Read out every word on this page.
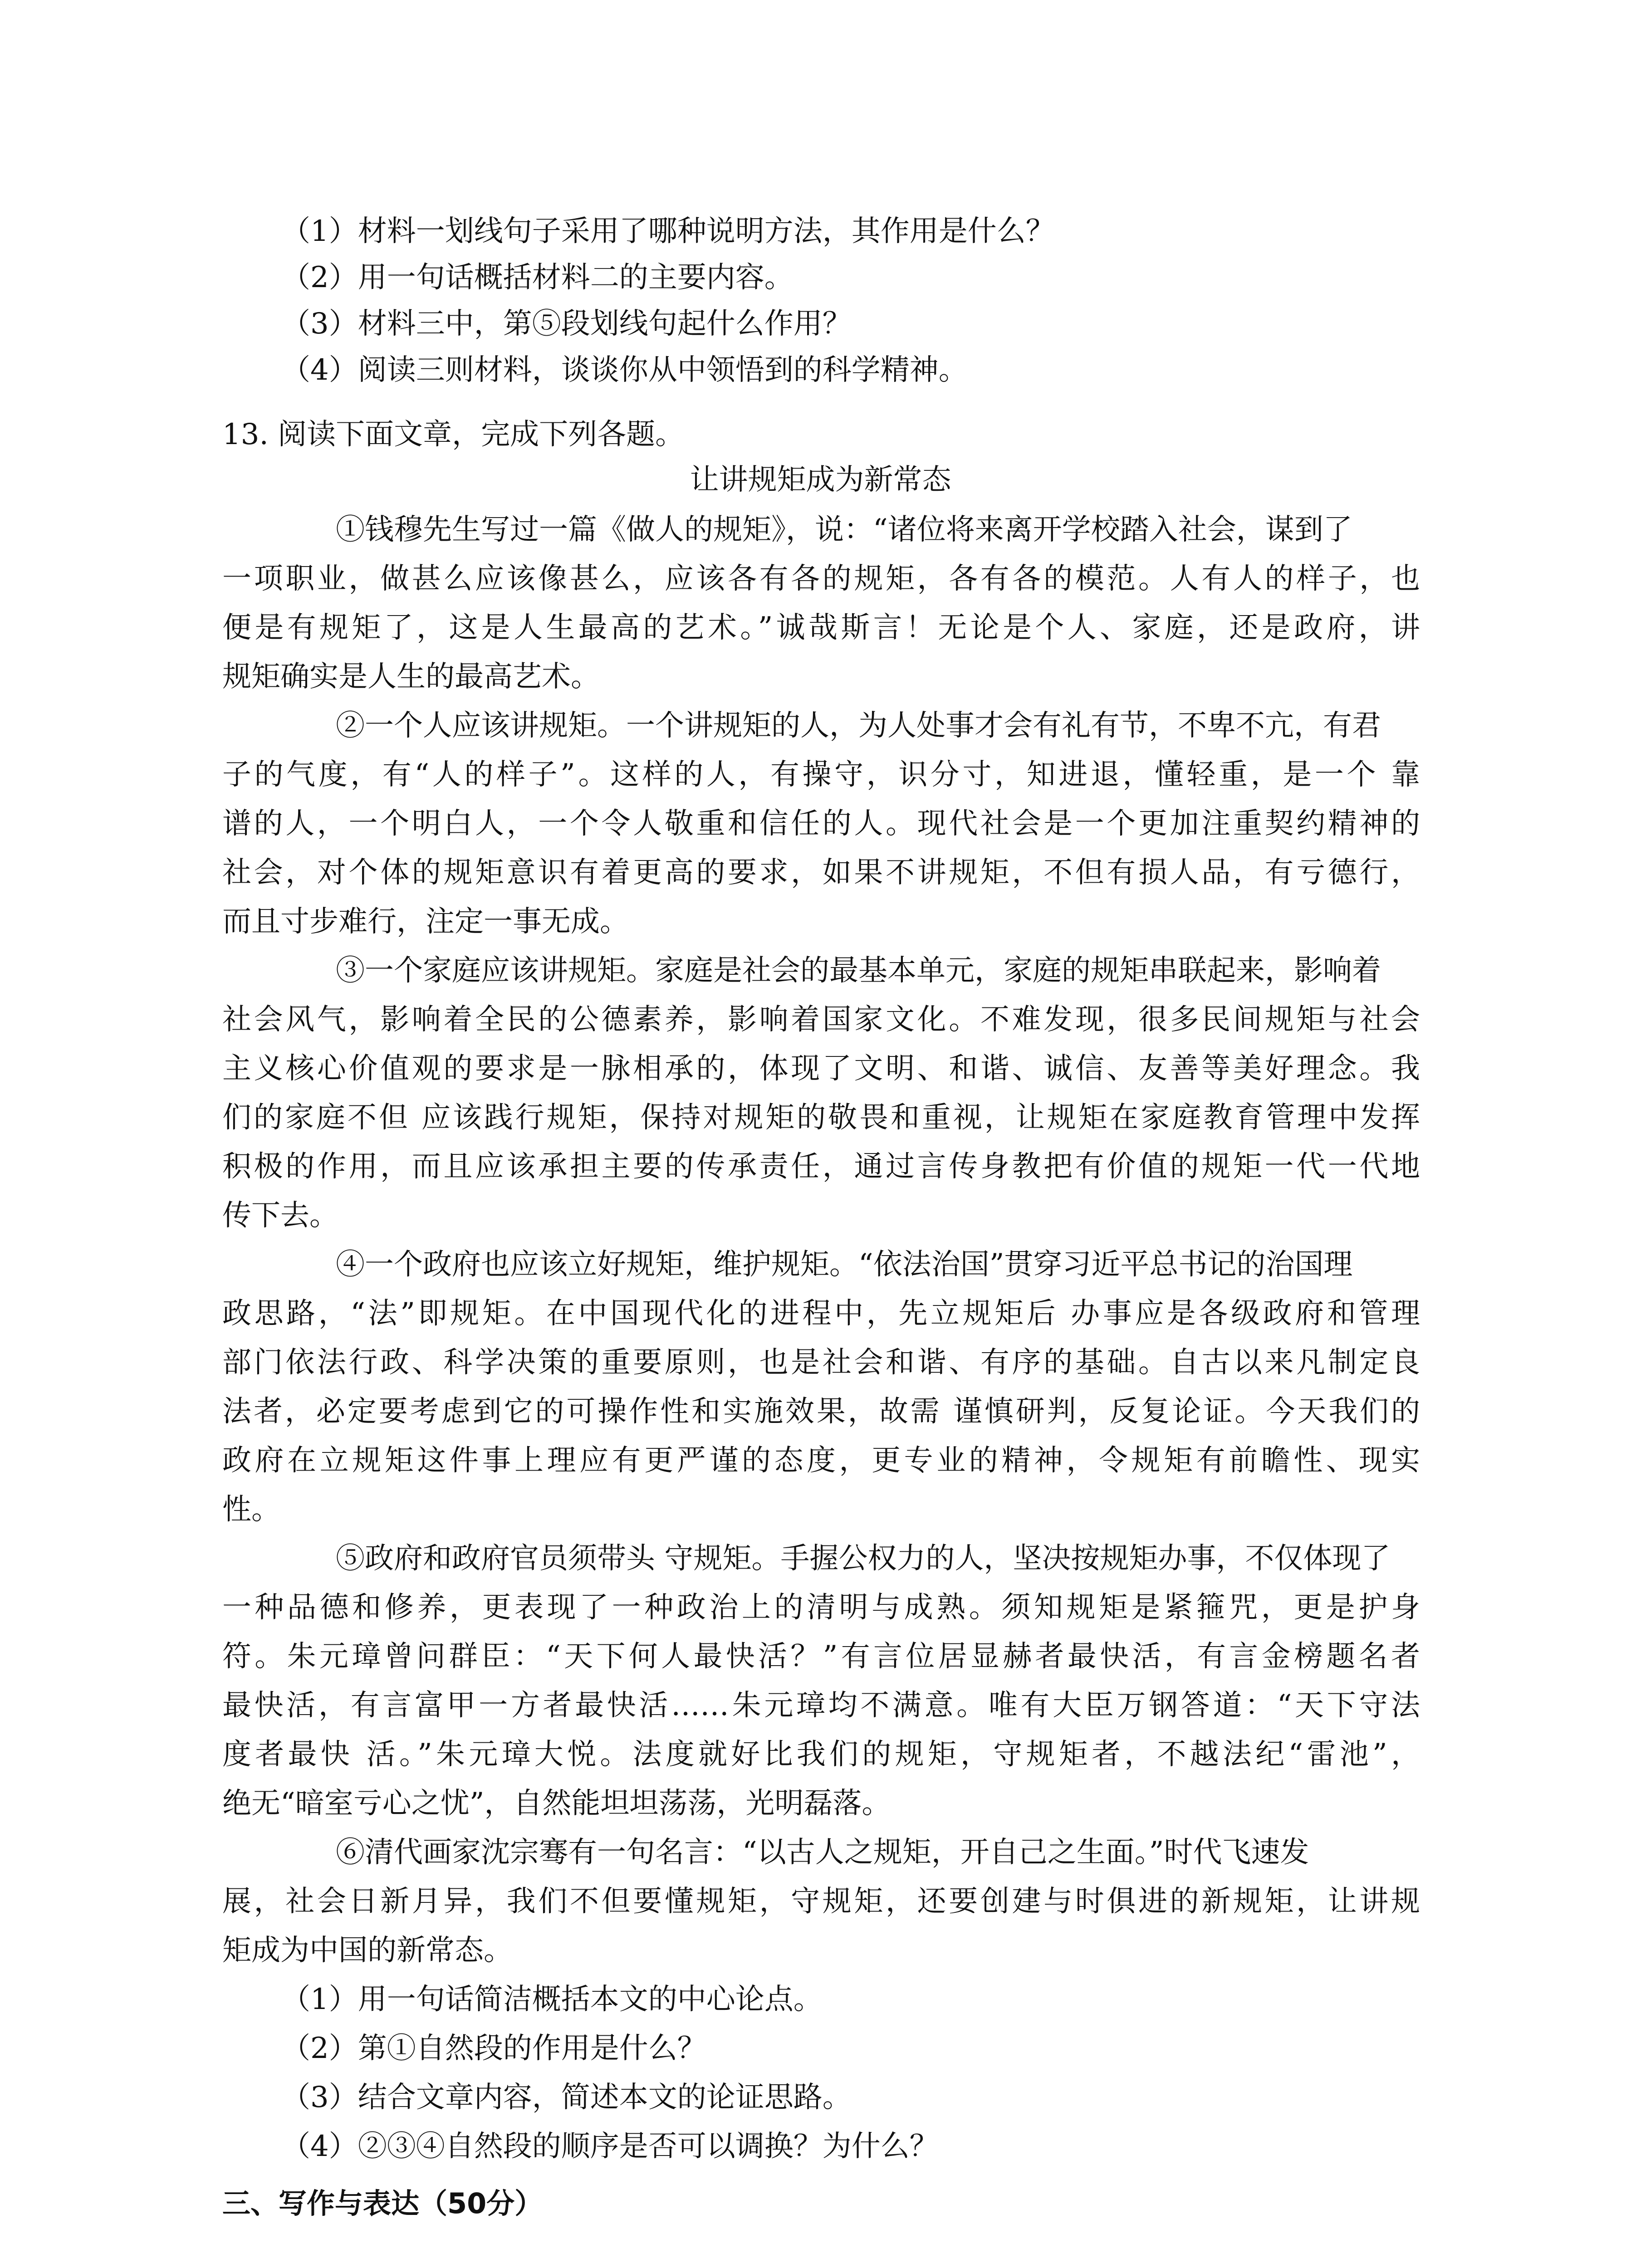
（1）材料一划线句子采用了哪种说明方法，其作用是什么？
（2）用一句话概括材料二的主要内容。
（3）材料三中，第⑤段划线句起什么作用？
（4）阅读三则材料，谈谈你从中领悟到的科学精神。
13. 阅读下面文章，完成下列各题。
让讲规矩成为新常态
①钱穆先生写过一篇《做人的规矩》，说：“诸位将来离开学校踏入社会，谋到了
一项职业，做甚么应该像甚么，应该各有各的规矩，各有各的模范。人有人的样子，也
便是有规矩了，这是人生最高的艺术。”诚哉斯言！无论是个人、家庭，还是政府，讲
规矩确实是人生的最高艺术。
②一个人应该讲规矩。一个讲规矩的人，为人处事才会有礼有节，不卑不亢，有君
子的气度，有“人的样子”。这样的人，有操守，识分寸，知进退，懂轻重，是一个 靠
谱的人，一个明白人，一个令人敬重和信任的人。现代社会是一个更加注重契约精神的
社会，对个体的规矩意识有着更高的要求，如果不讲规矩，不但有损人品，有亏德行，
而且寸步难行，注定一事无成。
③一个家庭应该讲规矩。家庭是社会的最基本单元，家庭的规矩串联起来，影响着
社会风气，影响着全民的公德素养，影响着国家文化。不难发现，很多民间规矩与社会
主义核心价值观的要求是一脉相承的，体现了文明、和谐、诚信、友善等美好理念。我
们的家庭不但 应该践行规矩，保持对规矩的敬畏和重视，让规矩在家庭教育管理中发挥
积极的作用，而且应该承担主要的传承责任，通过言传身教把有价值的规矩一代一代地
传下去。
④一个政府也应该立好规矩，维护规矩。“依法治国”贯穿习近平总书记的治国理
政思路，“法”即规矩。在中国现代化的进程中，先立规矩后 办事应是各级政府和管理
部门依法行政、科学决策的重要原则，也是社会和谐、有序的基础。自古以来凡制定良
法者，必定要考虑到它的可操作性和实施效果，故需 谨慎研判，反复论证。今天我们的
政府在立规矩这件事上理应有更严谨的态度，更专业的精神，令规矩有前瞻性、现实
性。
⑤政府和政府官员须带头 守规矩。手握公权力的人，坚决按规矩办事，不仅体现了
一种品德和修养，更表现了一种政治上的清明与成熟。须知规矩是紧箍咒，更是护身
符。朱元璋曾问群臣：“天下何人最快活？”有言位居显赫者最快活，有言金榜题名者
最快活，有言富甲一方者最快活……朱元璋均不满意。唯有大臣万钢答道：“天下守法
度者最快 活。”朱元璋大悦。法度就好比我们的规矩，守规矩者，不越法纪“雷池”，
绝无“暗室亏心之忧”，自然能坦坦荡荡，光明磊落。
⑥清代画家沈宗骞有一句名言：“以古人之规矩，开自己之生面。”时代飞速发
展，社会日新月异，我们不但要懂规矩，守规矩，还要创建与时俱进的新规矩，让讲规
矩成为中国的新常态。
（1）用一句话简洁概括本文的中心论点。
（2）第①自然段的作用是什么？
（3）结合文章内容，简述本文的论证思路。
（4）②③④自然段的顺序是否可以调换？为什么？
三、写作与表达（50分）
